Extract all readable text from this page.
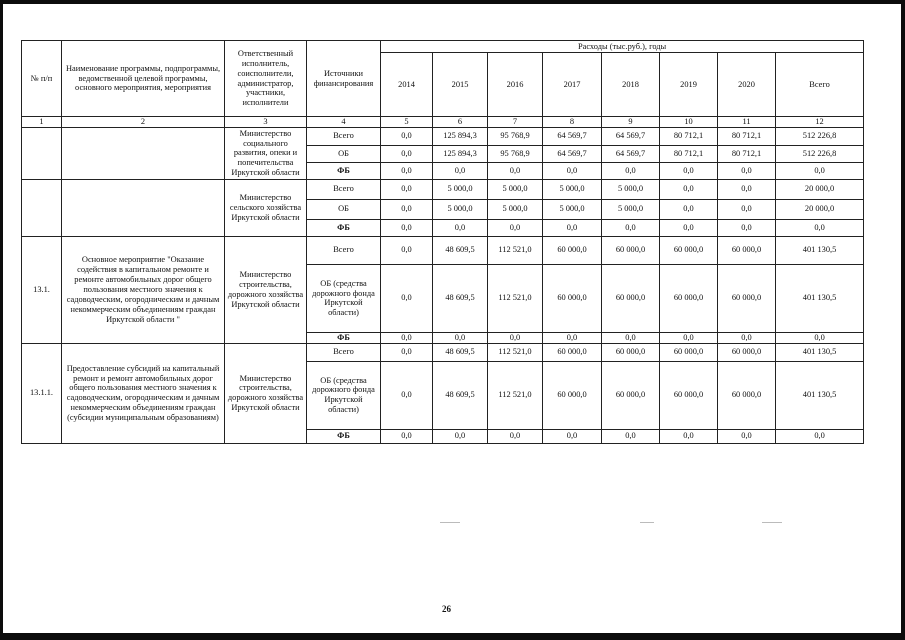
№ п/п	Наименование программы, подпрограммы, ведомственной целевой программы, основного мероприятия, мероприятия	Ответственный исполнитель, соисполнители, администратор, участники, исполнители	Источники финансирования	Расходы (тыс.руб.), годы							
				2014	2015	2016	2017	2018	2019	2020	Всего
1	2	3	4	5	6	7	8	9	10	11	12
		Министерство социального развития, опеки и попечительства Иркутской области	Всего	0,0	125 894,3	95 768,9	64 569,7	64 569,7	80 712,1	80 712,1	512 226,8
			ОБ	0,0	125 894,3	95 768,9	64 569,7	64 569,7	80 712,1	80 712,1	512 226,8
			ФБ	0,0	0,0	0,0	0,0	0,0	0,0	0,0	0,0
		Министерство сельского хозяйства Иркутской области	Всего	0,0	5 000,0	5 000,0	5 000,0	5 000,0	0,0	0,0	20 000,0
			ОБ	0,0	5 000,0	5 000,0	5 000,0	5 000,0	0,0	0,0	20 000,0
			ФБ	0,0	0,0	0,0	0,0	0,0	0,0	0,0	0,0
13.1.	Основное мероприятие "Оказание содействия в капитальном ремонте и ремонте автомобильных дорог общего пользования местного значения к садоводческим, огородническим и дачным некоммерческим объединениям граждан Иркутской области "	Министерство строительства, дорожного хозяйства Иркутской области	Всего	0,0	48 609,5	112 521,0	60 000,0	60 000,0	60 000,0	60 000,0	401 130,5
			ОБ (средства дорожного фонда Иркутской области)	0,0	48 609,5	112 521,0	60 000,0	60 000,0	60 000,0	60 000,0	401 130,5
			ФБ	0,0	0,0	0,0	0,0	0,0	0,0	0,0	0,0
13.1.1.	Предоставление субсидий на капитальный ремонт и ремонт автомобильных дорог общего пользования местного значения к садоводческим, огородническим и дачным некоммерческим объединениям граждан (субсидии муниципальным образованиям)	Министерство строительства, дорожного хозяйства Иркутской области	Всего	0,0	48 609,5	112 521,0	60 000,0	60 000,0	60 000,0	60 000,0	401 130,5
			ОБ (средства дорожного фонда Иркутской области)	0,0	48 609,5	112 521,0	60 000,0	60 000,0	60 000,0	60 000,0	401 130,5
			ФБ	0,0	0,0	0,0	0,0	0,0	0,0	0,0	0,0
26
